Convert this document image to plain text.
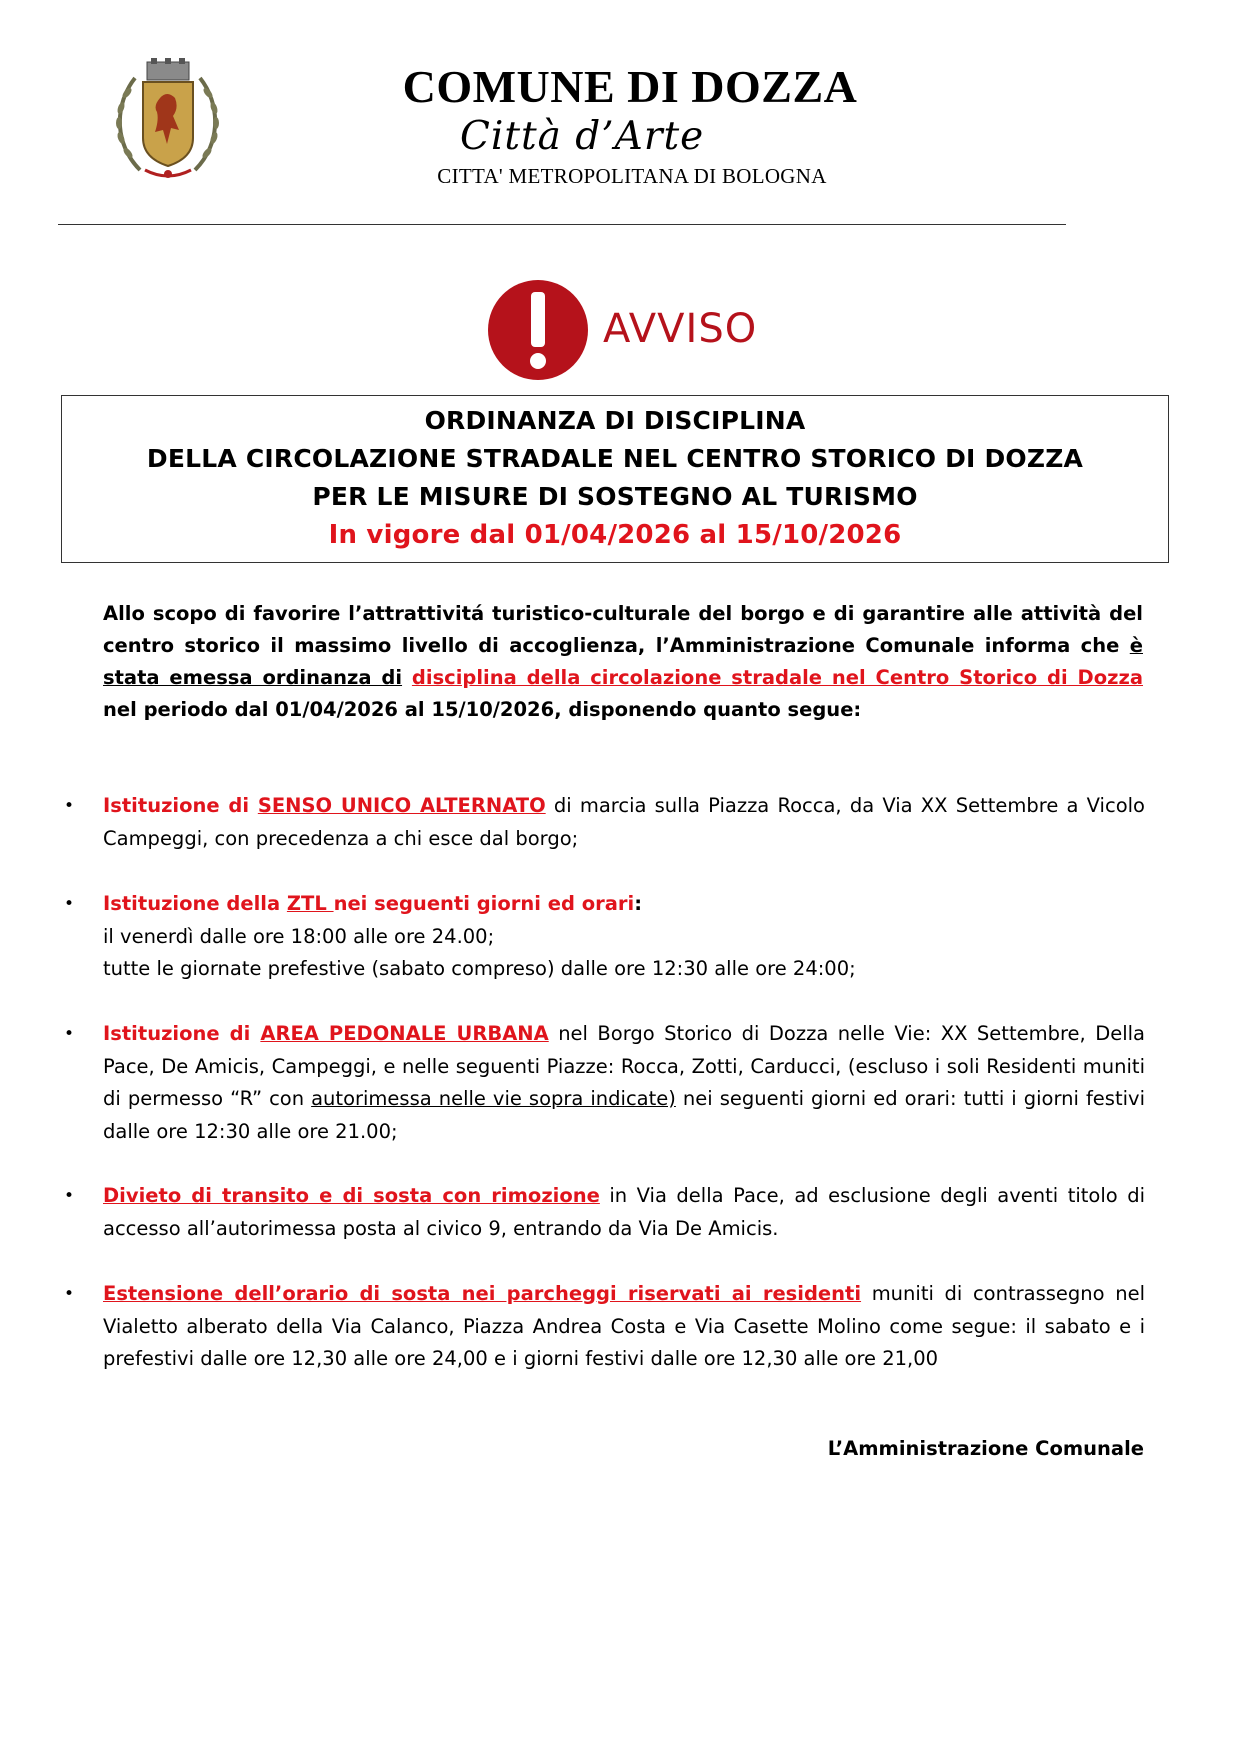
COMUNE DI DOZZA
Città d’Arte
CITTA' METROPOLITANA DI BOLOGNA
AVVISO
ORDINANZA DI DISCIPLINA
DELLA CIRCOLAZIONE STRADALE NEL CENTRO STORICO DI DOZZA
PER LE MISURE DI SOSTEGNO AL TURISMO
In vigore dal 01/04/2026 al 15/10/2026
Allo scopo di favorire l’attrattivitá turistico-culturale del borgo e di garantire alle attività del centro storico il massimo livello di accoglienza, l’Amministrazione Comunale informa che è stata emessa ordinanza di disciplina della circolazione stradale nel Centro Storico di Dozza nel periodo dal 01/04/2026 al 15/10/2026, disponendo quanto segue:
• Istituzione di SENSO UNICO ALTERNATO di marcia sulla Piazza Rocca, da Via XX Settembre a Vicolo Campeggi, con precedenza a chi esce dal borgo;
• Istituzione della ZTL nei seguenti giorni ed orari:
il venerdì dalle ore 18:00 alle ore 24.00;
tutte le giornate prefestive (sabato compreso) dalle ore 12:30 alle ore 24:00;
• Istituzione di AREA PEDONALE URBANA nel Borgo Storico di Dozza nelle Vie: XX Settembre, Della Pace, De Amicis, Campeggi, e nelle seguenti Piazze: Rocca, Zotti, Carducci, (escluso i soli Residenti muniti di permesso “R” con autorimessa nelle vie sopra indicate) nei seguenti giorni ed orari: tutti i giorni festivi dalle ore 12:30 alle ore 21.00;
• Divieto di transito e di sosta con rimozione in Via della Pace, ad esclusione degli aventi titolo di accesso all’autorimessa posta al civico 9, entrando da Via De Amicis.
• Estensione dell’orario di sosta nei parcheggi riservati ai residenti muniti di contrassegno nel Vialetto alberato della Via Calanco, Piazza Andrea Costa e Via Casette Molino come segue: il sabato e i prefestivi dalle ore 12,30 alle ore 24,00 e i giorni festivi dalle ore 12,30 alle ore 21,00
L’Amministrazione Comunale
